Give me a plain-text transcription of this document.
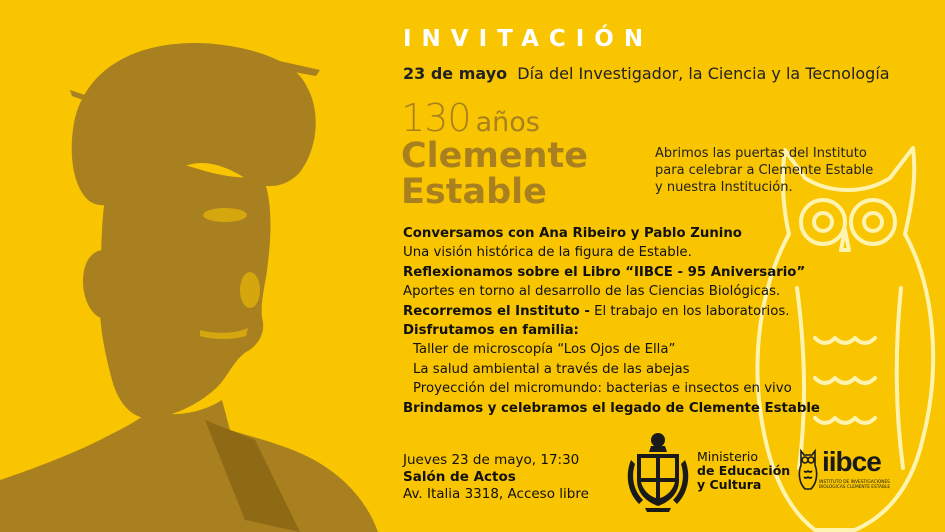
INVITACIÓN
23 de mayo Día del Investigador, la Ciencia y la Tecnología
130 años
Clemente
Estable
Abrimos las puertas del Instituto
para celebrar a Clemente Estable
y nuestra Institución.
Conversamos con Ana Ribeiro y Pablo Zunino
Una visión histórica de la figura de Estable.
Reflexionamos sobre el Libro “IIBCE - 95 Aniversario”
Aportes en torno al desarrollo de las Ciencias Biológicas.
Recorremos el Instituto - El trabajo en los laboratorios.
Disfrutamos en familia:
Taller de microscopía “Los Ojos de Ella”
La salud ambiental a través de las abejas
Proyección del micromundo: bacterias e insectos en vivo
Brindamos y celebramos el legado de Clemente Estable
Jueves 23 de mayo, 17:30
Salón de Actos
Av. Italia 3318, Acceso libre
Ministerio
de Educación
y Cultura
iibce
INSTITUTO DE INVESTIGACIONES
BIOLÓGICAS CLEMENTE ESTABLE
